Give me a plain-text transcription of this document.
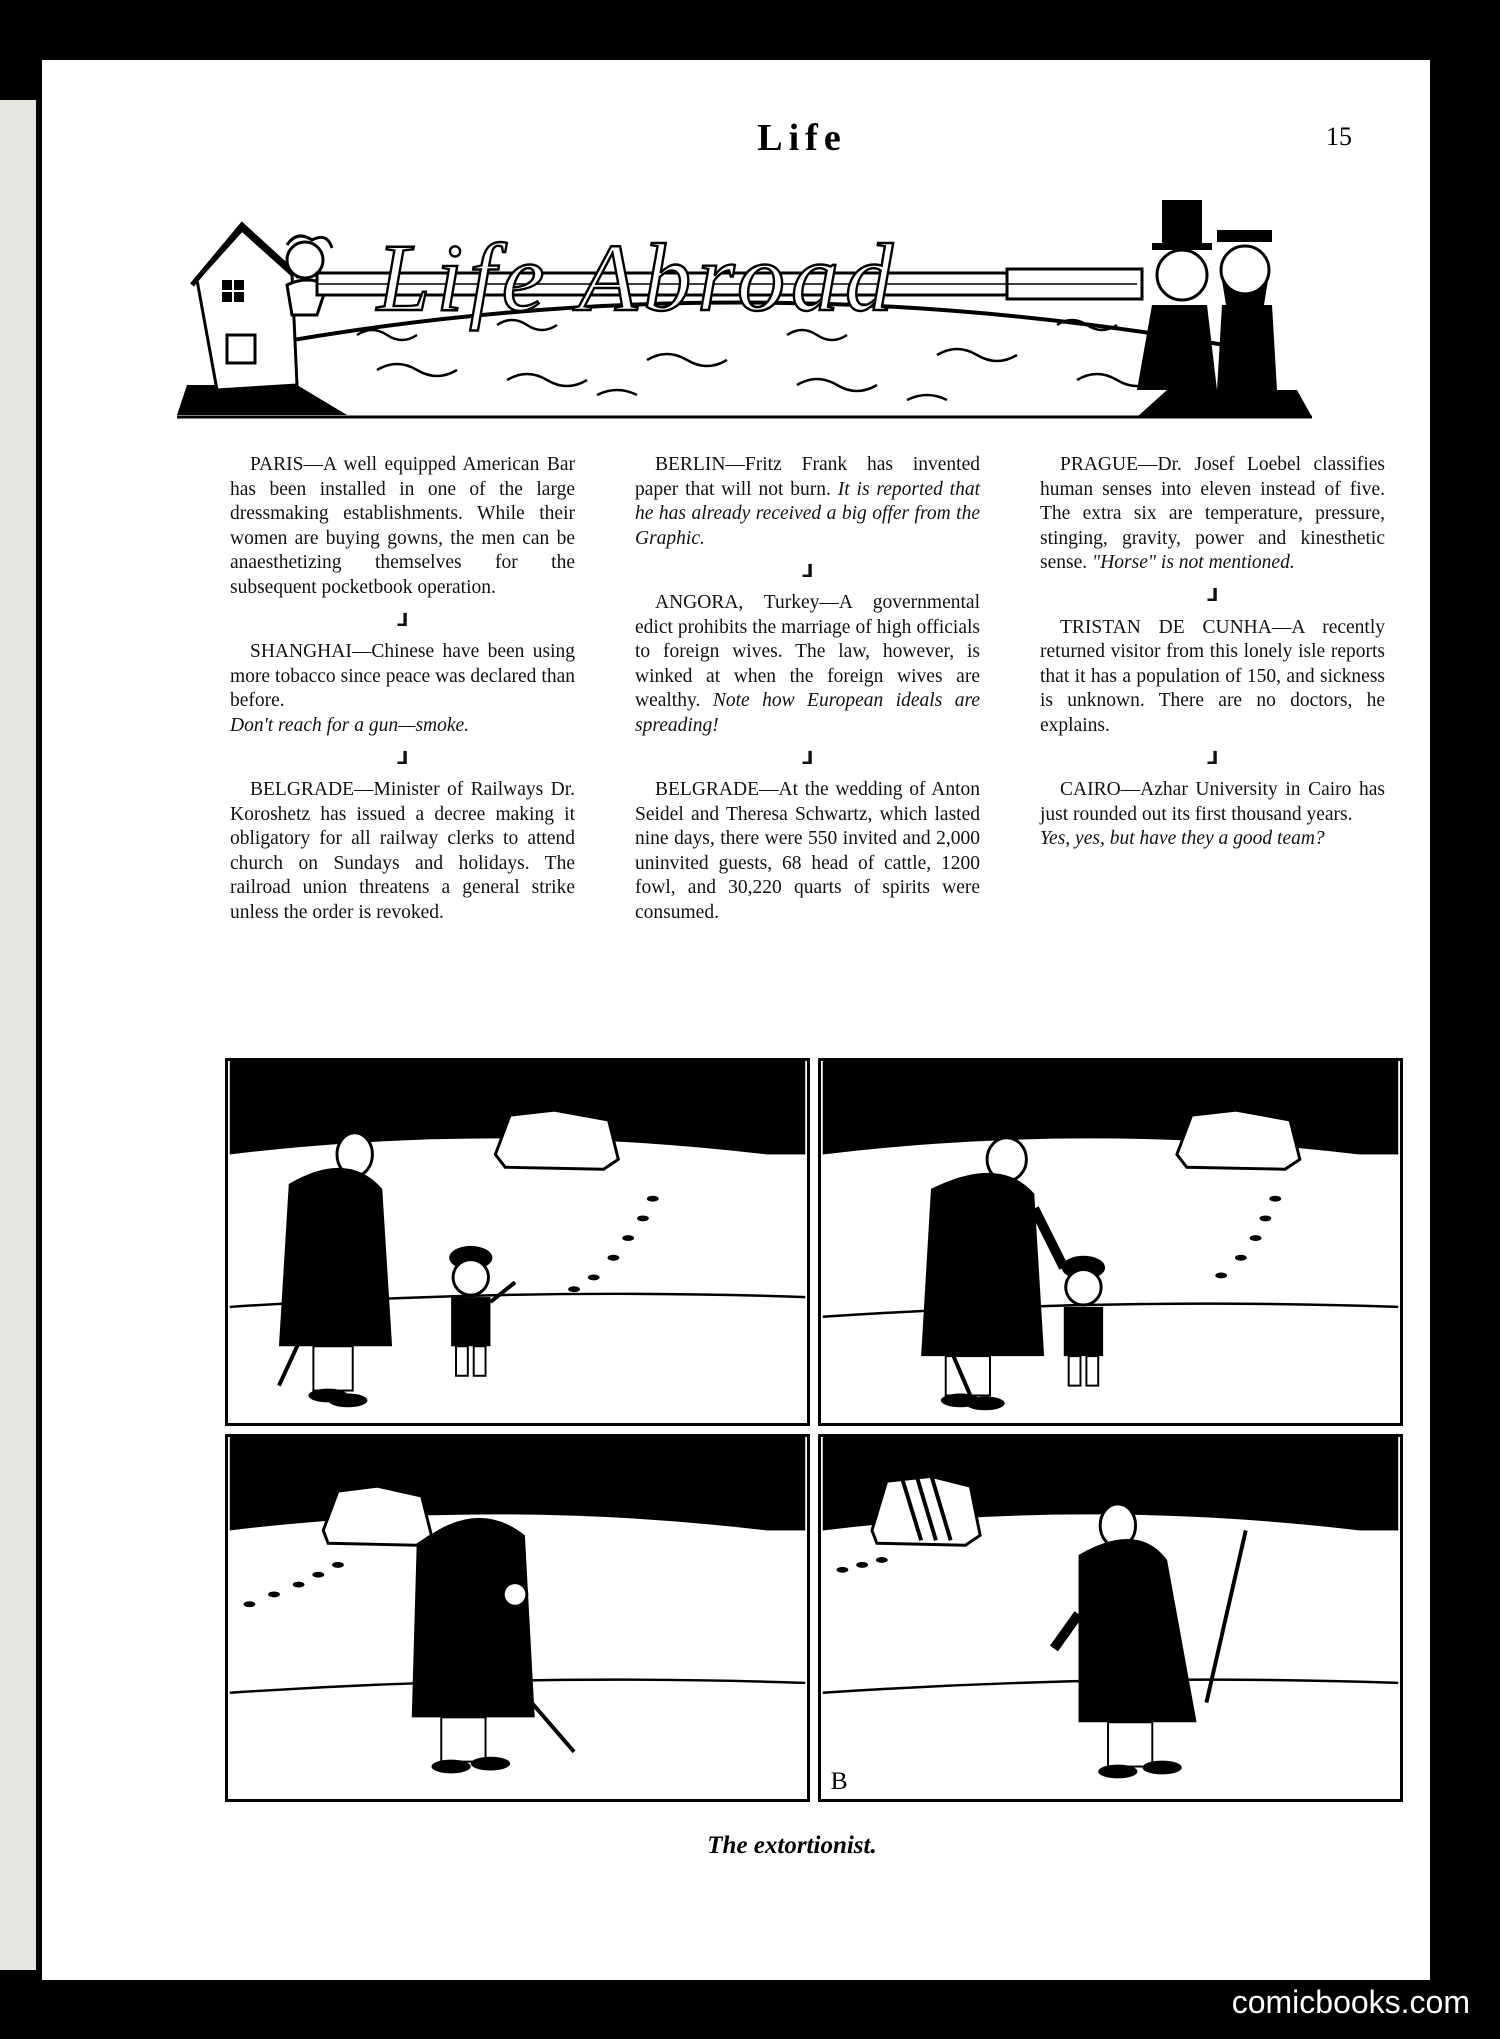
Life	15
Life Abroad

PARIS—A well equipped American Bar has been installed in one of the large dressmaking establishments. While their women are buying gowns, the men can be anaesthetizing themselves for the subsequent pocketbook operation.

⅃

SHANGHAI—Chinese have been using more tobacco since peace was declared than before.
Don't reach for a gun—smoke.

⅃

BELGRADE—Minister of Railways Dr. Koroshetz has issued a decree making it obligatory for all railway clerks to attend church on Sundays and holidays. The railroad union threatens a general strike unless the order is revoked.

BERLIN—Fritz Frank has invented paper that will not burn. It is reported that he has already received a big offer from the Graphic.

⅃

ANGORA, Turkey—A governmental edict prohibits the marriage of high officials to foreign wives. The law, however, is winked at when the foreign wives are wealthy. Note how European ideals are spreading!

⅃

BELGRADE—At the wedding of Anton Seidel and Theresa Schwartz, which lasted nine days, there were 550 invited and 2,000 uninvited guests, 68 head of cattle, 1200 fowl, and 30,220 quarts of spirits were consumed.

PRAGUE—Dr. Josef Loebel classifies human senses into eleven instead of five. The extra six are temperature, pressure, stinging, gravity, power and kinesthetic sense. "Horse" is not mentioned.

⅃

TRISTAN DE CUNHA—A recently returned visitor from this lonely isle reports that it has a population of 150, and sickness is unknown. There are no doctors, he explains.

⅃

CAIRO—Azhar University in Cairo has just rounded out its first thousand years.
Yes, yes, but have they a good team?

B
The extortionist.
comicbooks.com
